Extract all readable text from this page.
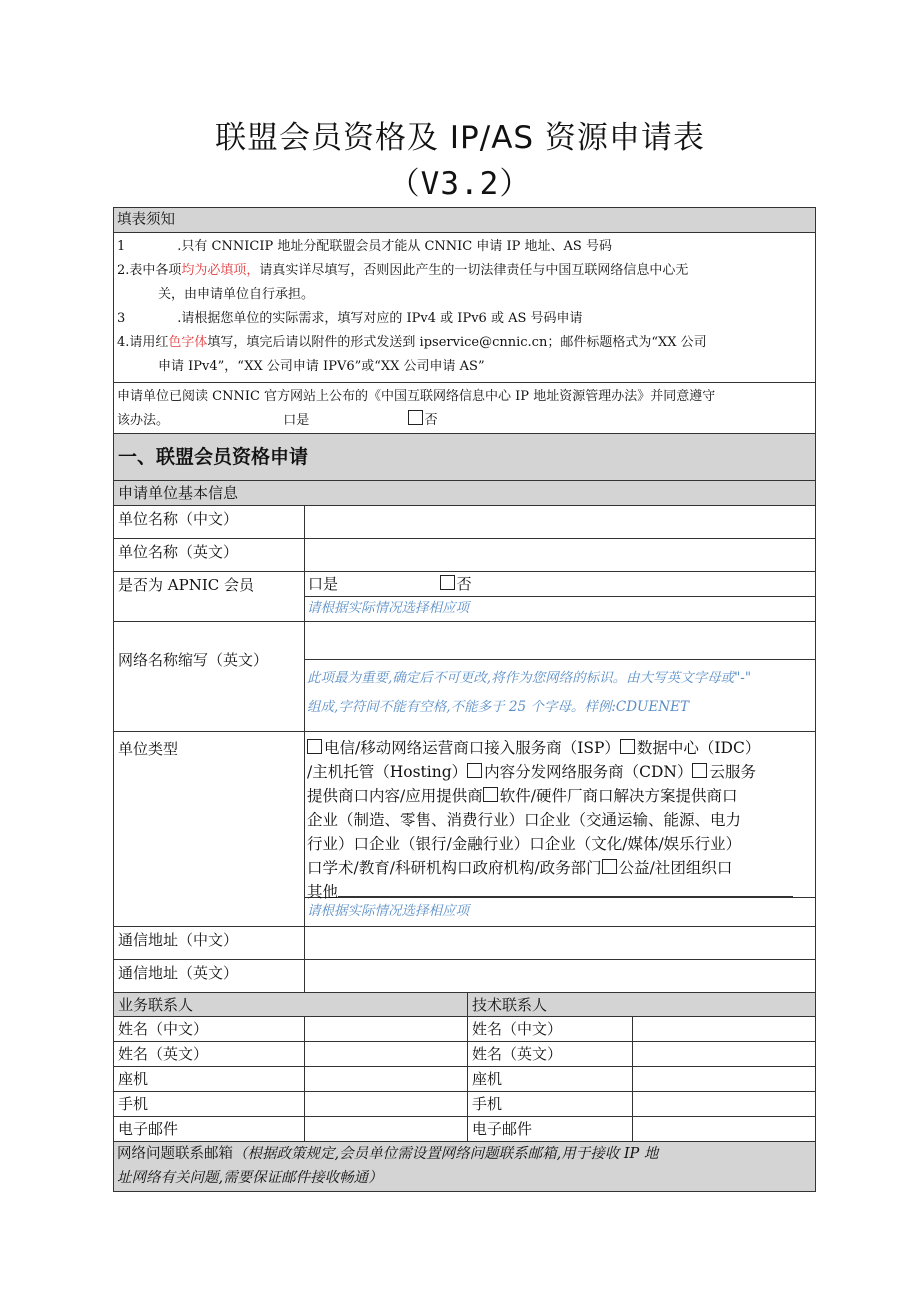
联盟会员资格及 IP/AS 资源申请表
（V3.2）
填表须知
1	.只有 CNNICIP 地址分配联盟会员才能从 CNNIC 申请 IP 地址、AS 号码
2.表中各项均为必填项，请真实详尽填写，否则因此产生的一切法律责任与中国互联网络信息中心无
关，由申请单位自行承担。
3	.请根据您单位的实际需求，填写对应的 IPv4 或 IPv6 或 AS 号码申请
4.请用红色字体填写，填完后请以附件的形式发送到 ipservice@cnnic.cn；邮件标题格式为“XX 公司
申请 IPv4”，“XX 公司申请 IPV6”或“XX 公司申请 AS”
申请单位已阅读 CNNIC 官方网站上公布的《中国互联网络信息中心 IP 地址资源管理办法》并同意遵守
该办法。	口是	否
一、联盟会员资格申请
申请单位基本信息
单位名称（中文）
单位名称（英文）
是否为 APNIC 会员	口是	否
请根据实际情况选择相应项
网络名称缩写（英文）
此项最为重要,确定后不可更改,将作为您网络的标识。由大写英文字母或"-"
组成,字符间不能有空格,不能多于 25 个字母。样例:CDUENET
单位类型	电信/移动网络运营商口接入服务商（ISP） 数据中心（IDC）
/主机托管（Hosting） 内容分发网络服务商（CDN） 云服务
提供商口内容/应用提供商 软件/硬件厂商口解决方案提供商口
企业（制造、零售、消费行业）口企业（交通运输、能源、电力
行业）口企业（银行/金融行业）口企业（文化/媒体/娱乐行业）
口学术/教育/科研机构口政府机构/政务部门 公益/社团组织口
其他
请根据实际情况选择相应项
通信地址（中文）
通信地址（英文）
业务联系人	技术联系人
姓名（中文）	姓名（中文）
姓名（英文）	姓名（英文）
座机	座机
手机	手机
电子邮件	电子邮件
网络问题联系邮箱（根据政策规定,会员单位需设置网络问题联系邮箱,用于接收 IP 地
址网络有关问题,需要保证邮件接收畅通）
